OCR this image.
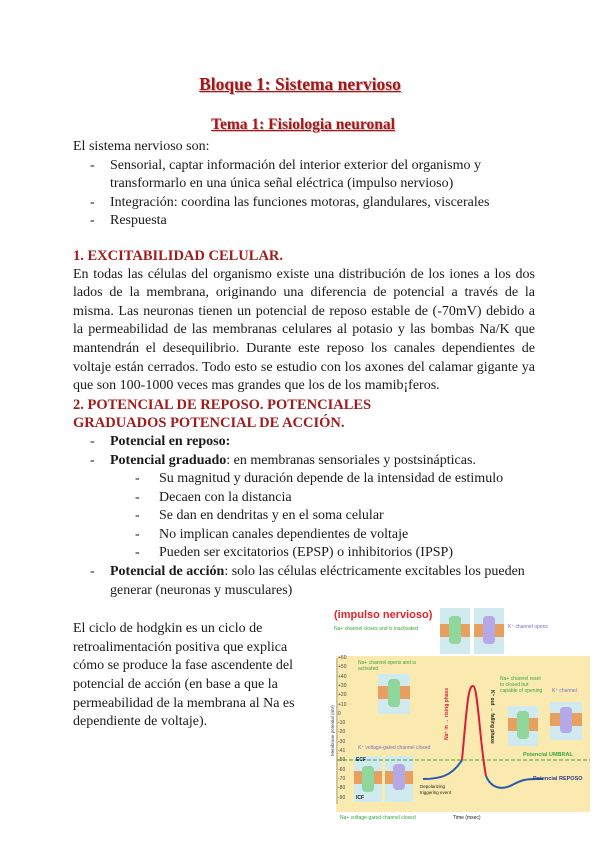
Bloque 1: Sistema nervioso
Tema 1: Fisiologia neuronal
El sistema nervioso son:
- Sensorial, captar información del interior exterior del organismo y transformarlo en una única señal eléctrica (impulso nervioso)
- Integración: coordina las funciones motoras, glandulares, viscerales
- Respuesta
1. EXCITABILIDAD CELULAR.
En todas las células del organismo existe una distribución de los iones a los dos lados de la membrana, originando una diferencia de potencial a través de la misma. Las neuronas tienen un potencial de reposo estable de (-70mV) debido a la permeabilidad de las membranas celulares al potasio y las bombas Na/K que mantendrán el desequilibrio. Durante este reposo los canales dependientes de voltaje están cerrados. Todo esto se estudio con los axones del calamar gigante ya que son 100-1000 veces mas grandes que los de los mamib¡feros.
2. POTENCIAL DE REPOSO. POTENCIALES GRADUADOS POTENCIAL DE ACCIÓN.
- Potencial en reposo:
- Potencial graduado: en membranas sensoriales y postsinápticas.
- Su magnitud y duración depende de la intensidad de estimulo
- Decaen con la distancia
- Se dan en dendritas y en el soma celular
- No implican canales dependientes de voltaje
- Pueden ser excitatorios (EPSP) o inhibitorios (IPSP)
- Potencial de acción: solo las células eléctricamente excitables los pueden generar (neuronas y musculares)
El ciclo de hodgkin es un ciclo de retroalimentación positiva que explica cómo se produce la fase ascendente del potencial de acción (en base a que la permeabilidad de la membrana al Na es dependiente de voltaje).	Membrane potential (mV)	Na⁺ in → rising phase	K⁺ out → falling phase
(impulso nervioso)
Na+ channel closes and is inactivated	K⁺ channel opens
+60
+50
+40
+30
+20
+10
0
-10
-20
-30
-41
-50
-60
-70
-80
-90
Na+ channel opens and is activated
Na+ channel reset to closed but capable of opening	K⁺ channel
K⁺ voltage-gated channel closed
Potencial UMBRAL
Potencial REPOSO
ECF
ICF
Depolarizing triggering event
Time (msec)
Na+ voltage-gated channel closed
